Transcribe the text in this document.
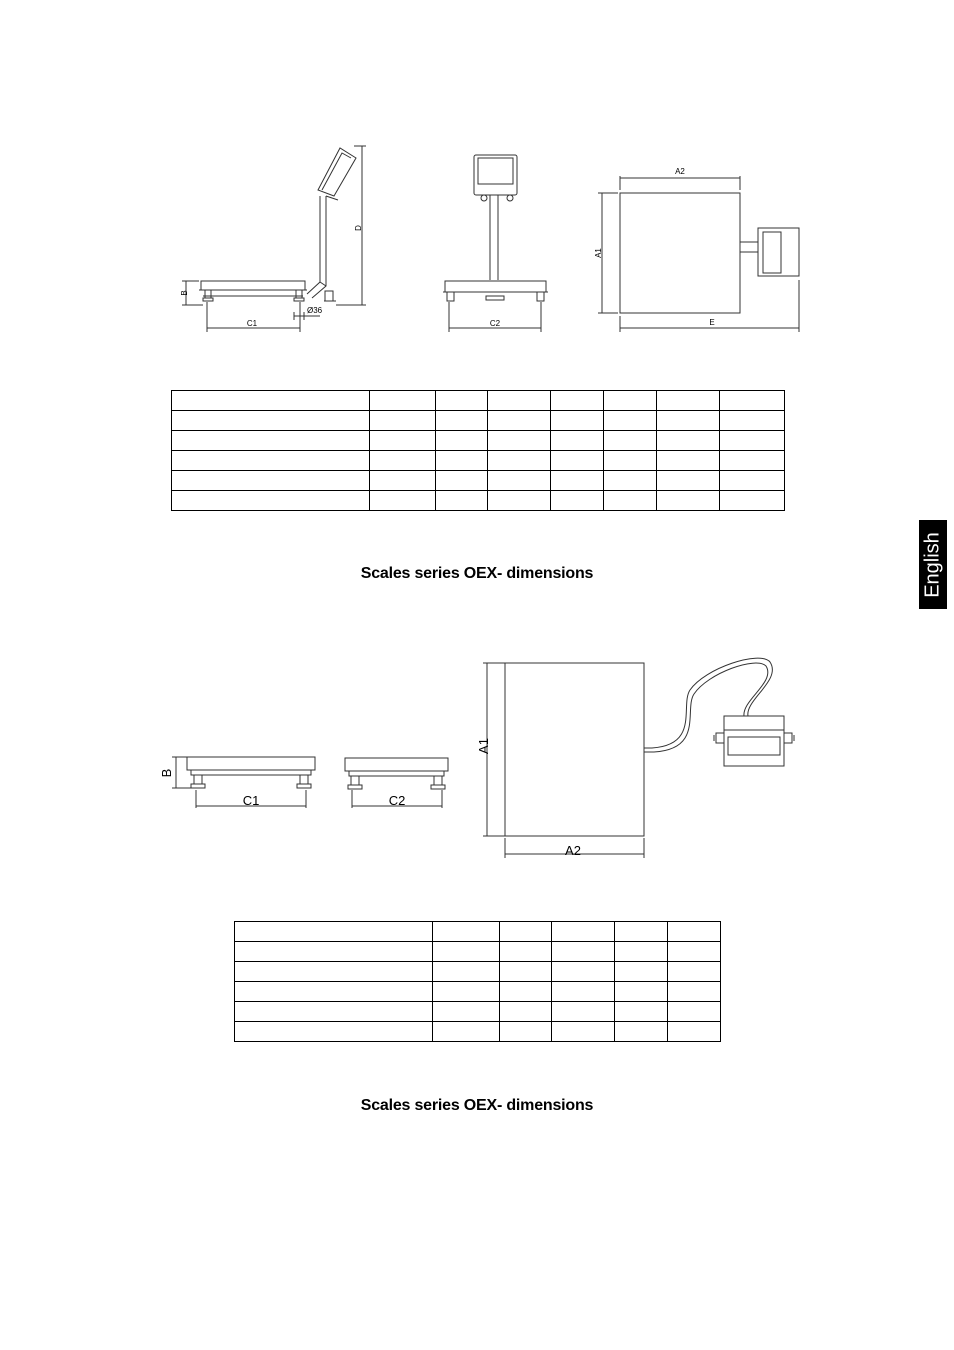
B
D
C1
Ø36
C2
A2
A1
E
B
C1	C2
A1
A2

Scales series OEX- dimensions

Scales series OEX- dimensions
English
